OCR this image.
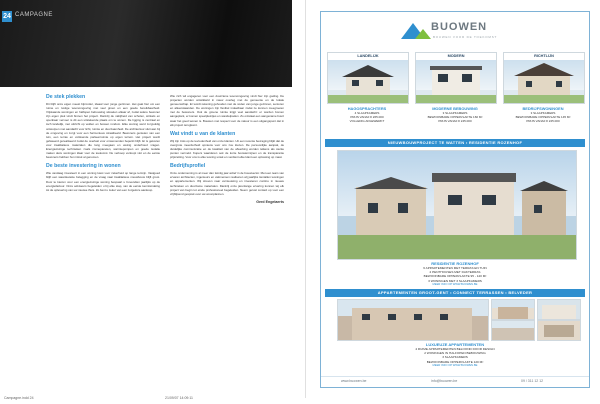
24 CAMPAGNE
De stek plekken

Dit blijft onze eigen meest bijzonder, ideaal voor jonge gezinnen. Het gaat hier om een ruime en rustige woonomgeving met veel groen en een goede bereikbaarheid. Vrijstaande woningen en halfopen bebouwing wisselen elkaar af, zodat iedere bewoner zijn eigen plek vindt binnen het project. Dankzij de nabijheid van scholen, winkels en openbaar vervoer is dit een uitstekende plaats om te wonen. De ligging is centraal en toch landelijk, met uitzicht op velden en bossen rondom. Elke woning werd zorgvuldig ontworpen met aandacht voor licht, ruimte en duurzaamheid. De architectuur sluit aan bij de omgeving en zorgt voor een harmonieus straatbeeld. Bewoners genieten van een tuin, een terras en voldoende parkeerruimte op eigen terrein. Het project wordt gefaseerd gerealiseerd zodat de overlast voor omwonenden beperkt blijft. Er is gekozen voor kwalitatieve materialen die lang meegaan en weinig onderhoud vragen. Energiezuinige technieken zoals zonnepanelen, warmtepompen en goede isolatie maken deze woningen klaar voor de toekomst. De verkoop verloopt vlot en de eerste bewoners hebben hun intrek al genomen.

De beste investering in wonen

Wie vandaag investeert in een woning kiest voor zekerheid op lange termijn. Vastgoed blijft een waardevaste belegging en de vraag naar kwalitatieve nieuwbouw blijft groot. Door te kiezen voor een energiezuinige woning bespaart u bovendien jaarlijks op de energiefactuur. Onze adviseurs begeleiden u bij elke stap, van de eerste kennismaking tot de oplevering van uw nieuwe thuis. Zo bent u zeker van een zorgeloze aankoop.

Wie zich wil engageren voor een duurzame woonomgeving vindt hier zijn gading. De projecten worden ontwikkeld in nauw overleg met de gemeente en de lokale gemeenschap. Er wordt rekening gehouden met de noden van jonge gezinnen, senioren en alleenstaanden. De woningen zijn flexibel indeelbaar zodat ze kunnen meegroeien met de bewoners. Ook de groene ruimte krijgt veel aandacht: er worden bomen aangeplant, er komen speelpleintjes en wandelpaden. Zo ontstaat een aangename buurt waar het goed wonen is. Bouwen met respect voor de natuur is een uitgangspunt dat in elk project terugkomt.

Wat vindt u van de klanten

Wij zijn trots op de tevredenheid van onze klanten. Uit een recente bevraging blijkt dat de overgrote meerderheid opnieuw voor ons zou kiezen. De persoonlijke aanpak, de duidelijke communicatie en de kwaliteit van de afwerking worden telkens als sterke punten vermeld. Kopers waarderen ook de korte bouwtermijnen en de transparante prijszetting. Voor ons is elke woning uniek en verdient elke klant een oplossing op maat.

Bedrijfsprofiel

Onze onderneming is al meer dan twintig jaar actief in de bouwsector. Met een team van ervaren architecten, ingenieurs en vakmensen realiseren wij jaarlijks tientallen woningen en appartementen. Wij streven naar vernieuwing en investeren continu in nieuwe technieken en duurzame materialen. Dankzij onze jarenlange ervaring kunnen wij elk project van begin tot einde professioneel begeleiden. Neem gerust contact op voor een vrijblijvend gesprek over uw woonplannen.

Gerd Engelaerts
Campagne.indd 24
BUOWEN
BOUWEN VOOR DE TOEKOMST
LANDELIJK	MODERN	RICHTLIJN
HAGOSPRACHTERS
4 SLAAPKAMERS
PRIJS VANAF € 265.000
VOLLEDIG AFGEWERKT
MODERNE BEBOUWING
3 SLAAPKAMERS
BEWOONBARE OPPERVLAKTE 160 M²
PRIJS VANAF € 245.000
BEDRIJFSWONINGEN
3 SLAAPKAMERS
BEWOONBARE OPPERVLAKTE 145 M²
PRIJS VANAF € 225.000
NIEUWBOUWPROJECT TE WATTEN • RESIDENTIE ROZENHOF
RESIDENTIE ROZENHOF
6 APPARTEMENTEN MET TERRAS EN TUIN
2 PENTHOUSES MET DAKTERRAS
BEWOONBARE OPPERVLAKTE 95 - 140 M²
3 WONINGEN MET 3 SLAAPKAMERS
MEER INFO OP WWW.BUOWEN.BE
APPARTEMENTEN GROOT-GENT • CONNECT TERRASSEN • BELVEDER
LUXUEUZE APPARTEMENTEN
4 RUIME APPARTEMENTEN BELOOND DOOR DESIGN
2 WONINGEN IN HALFOPEN BEBOUWING
3 SLAAPKAMERS
BEWOONBARE OPPERVLAKTE 120 M²
MEER INFO OP WWW.BUOWEN.BE
www.buowen.be	info@buowen.be	09 / 311 12 12
21/09/07 14:09:11
